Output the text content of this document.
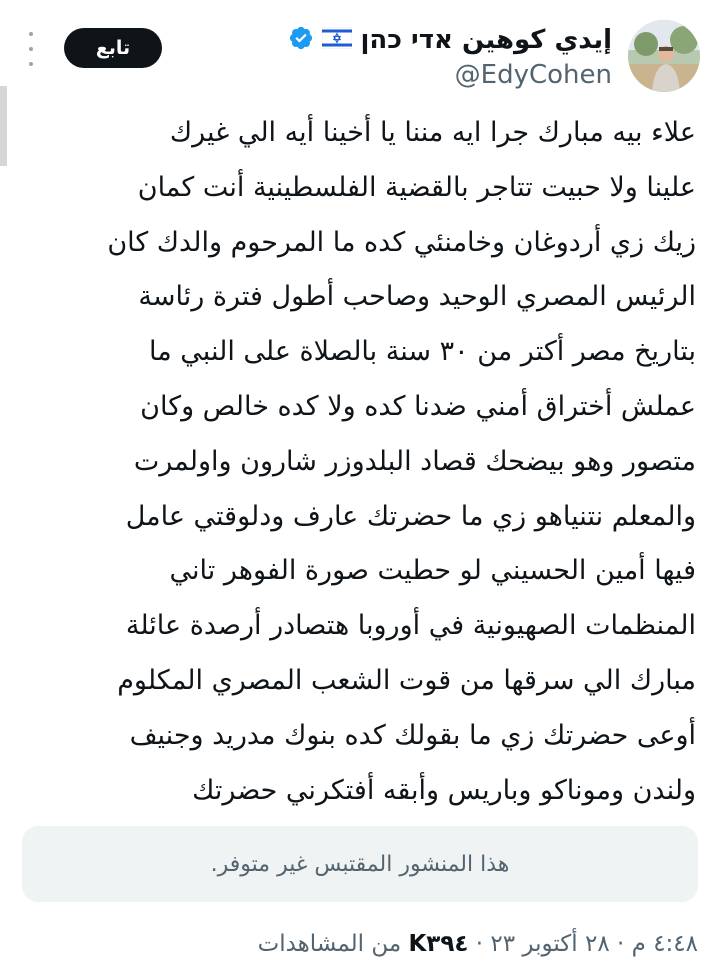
إيدي كوهين אדי כהן
@EdyCohen
تابع
علاء بيه مبارك جرا ايه مننا يا أخينا أيه الي غيرك
علينا ولا حبيت تتاجر بالقضية الفلسطينية أنت كمان
زيك زي أردوغان وخامنئي كده ما المرحوم والدك كان
الرئيس المصري الوحيد وصاحب أطول فترة رئاسة
بتاريخ مصر أكتر من ٣٠ سنة بالصلاة على النبي ما
عملش أختراق أمني ضدنا كده ولا كده خالص وكان
متصور وهو بيضحك قصاد البلدوزر شارون واولمرت
والمعلم نتنياهو زي ما حضرتك عارف ودلوقتي عامل
فيها أمين الحسيني لو حطيت صورة الفوهر تاني
المنظمات الصهيونية في أوروبا هتصادر أرصدة عائلة
مبارك الي سرقها من قوت الشعب المصري المكلوم
أوعى حضرتك زي ما بقولك كده بنوك مدريد وجنيف
ولندن وموناكو وباريس وأبقه أفتكرني حضرتك
هذا المنشور المقتبس غير متوفر.
٤:٤٨ م · ٢٨ أكتوبر ٢٣ · K٣٩٤ من المشاهدات
